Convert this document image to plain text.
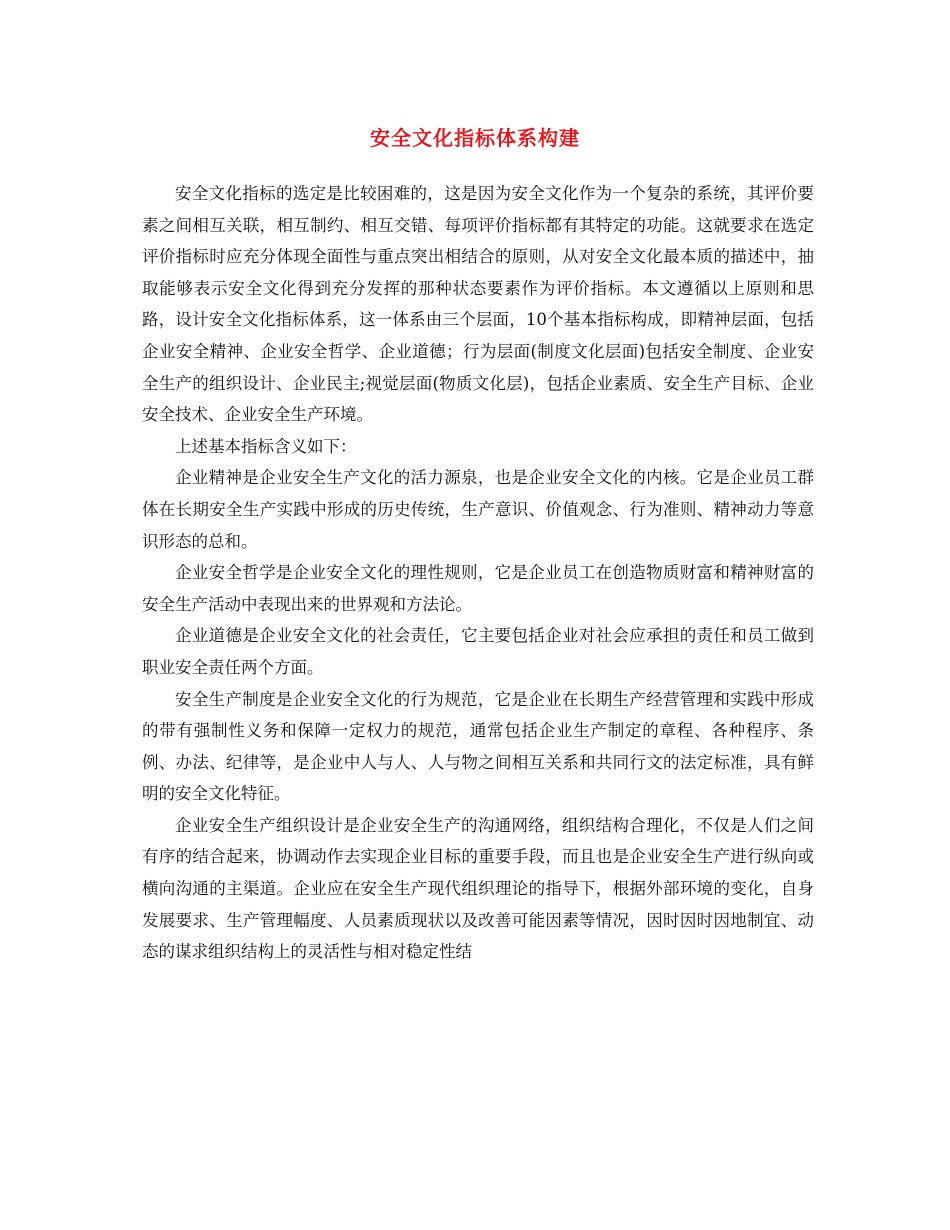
安全文化指标体系构建

安全文化指标的选定是比较困难的，这是因为安全文化作为一个复杂的系统，其评价要素之间相互关联，相互制约、相互交错、每项评价指标都有其特定的功能。这就要求在选定评价指标时应充分体现全面性与重点突出相结合的原则，从对安全文化最本质的描述中，抽取能够表示安全文化得到充分发挥的那种状态要素作为评价指标。本文遵循以上原则和思路，设计安全文化指标体系，这一体系由三个层面，10个基本指标构成，即精神层面，包括企业安全精神、企业安全哲学、企业道德；行为层面(制度文化层面)包括安全制度、企业安全生产的组织设计、企业民主;视觉层面(物质文化层)，包括企业素质、安全生产目标、企业安全技术、企业安全生产环境。

上述基本指标含义如下：

企业精神是企业安全生产文化的活力源泉，也是企业安全文化的内核。它是企业员工群体在长期安全生产实践中形成的历史传统，生产意识、价值观念、行为准则、精神动力等意识形态的总和。

企业安全哲学是企业安全文化的理性规则，它是企业员工在创造物质财富和精神财富的安全生产活动中表现出来的世界观和方法论。

企业道德是企业安全文化的社会责任，它主要包括企业对社会应承担的责任和员工做到职业安全责任两个方面。

安全生产制度是企业安全文化的行为规范，它是企业在长期生产经营管理和实践中形成的带有强制性义务和保障一定权力的规范，通常包括企业生产制定的章程、各种程序、条例、办法、纪律等，是企业中人与人、人与物之间相互关系和共同行文的法定标准，具有鲜明的安全文化特征。

企业安全生产组织设计是企业安全生产的沟通网络，组织结构合理化，不仅是人们之间有序的结合起来，协调动作去实现企业目标的重要手段，而且也是企业安全生产进行纵向或横向沟通的主渠道。企业应在安全生产现代组织理论的指导下，根据外部环境的变化，自身发展要求、生产管理幅度、人员素质现状以及改善可能因素等情况，因时因时因地制宜、动态的谋求组织结构上的灵活性与相对稳定性结
